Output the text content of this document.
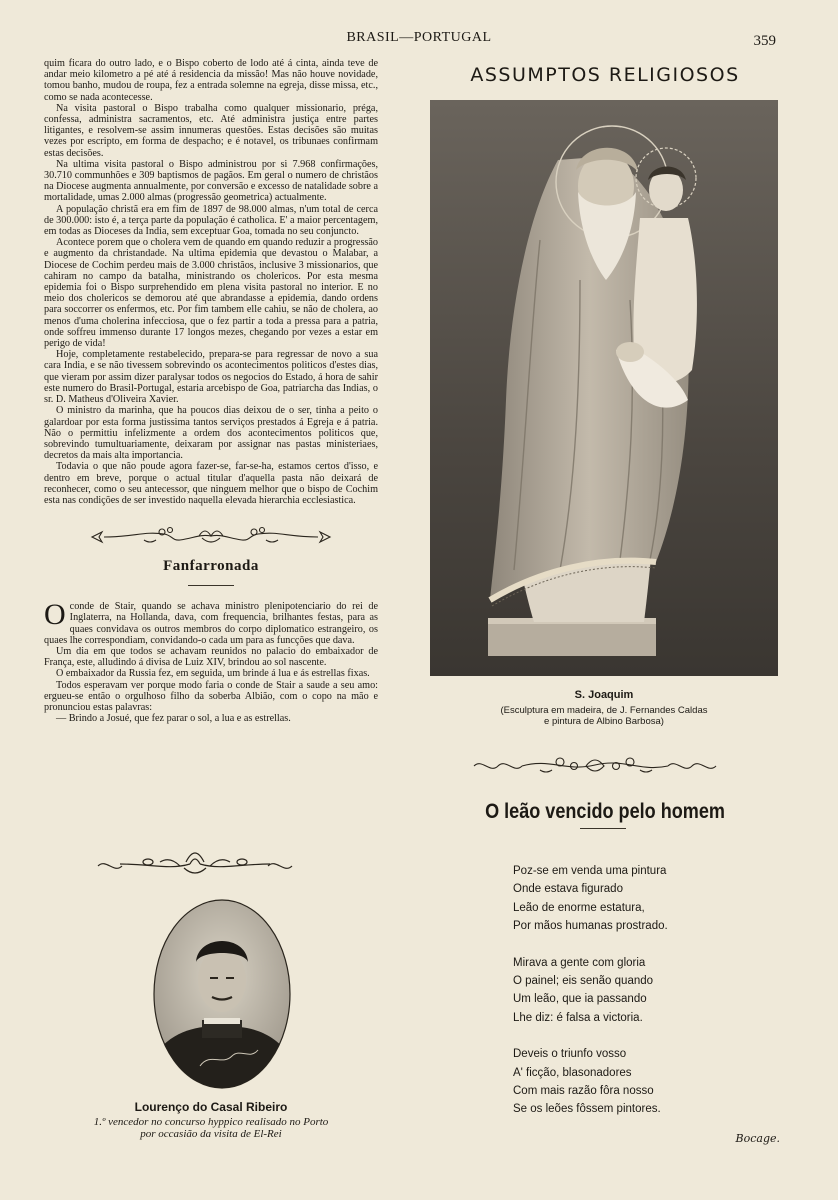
BRASIL—PORTUGAL	359

quim ficara do outro lado, e o Bispo coberto de lodo até á cinta, ainda teve de andar meio kilometro a pé até á residencia da missão! Mas não houve novidade, tomou banho, mudou de roupa, fez a entrada solemne na egreja, disse missa, etc., como se nada acontecesse.

Na visita pastoral o Bispo trabalha como qualquer missionario, préga, confessa, administra sacramentos, etc. Até administra justiça entre partes litigantes, e resolvem-se assim innumeras questões. Estas decisões são muitas vezes por escripto, em forma de despacho; e é notavel, os tribunaes confirmam estas decisões.

Na ultima visita pastoral o Bispo administrou por si 7.968 confirmações, 30.710 communhões e 309 baptismos de pagãos. Em geral o numero de christãos na Diocese augmenta annualmente, por conversão e excesso de natalidade sobre a mortalidade, umas 2.000 almas (progressão geometrica) actualmente.

A população christã era em fim de 1897 de 98.000 almas, n'um total de cerca de 300.000: isto é, a terça parte da população é catholica. E' a maior percentagem, em todas as Dioceses da India, sem exceptuar Goa, tomada no seu conjuncto.

Acontece porem que o cholera vem de quando em quando reduzir a progressão e augmento da christandade. Na ultima epidemia que devastou o Malabar, a Diocese de Cochim perdeu mais de 3.000 christãos, inclusive 3 missionarios, que cahiram no campo da batalha, ministrando os cholericos. Por esta mesma epidemia foi o Bispo surprehendido em plena visita pastoral no interior. E no meio dos cholericos se demorou até que abrandasse a epidemia, dando ordens para soccorrer os enfermos, etc. Por fim tambem elle cahiu, se não de cholera, ao menos d'uma cholerina infecciosa, que o fez partir a toda a pressa para a patria, onde soffreu immenso durante 17 longos mezes, chegando por vezes a estar em perigo de vida!

Hoje, completamente restabelecido, prepara-se para regressar de novo a sua cara India, e se não tivessem sobrevindo os acontecimentos politicos d'estes dias, que vieram por assim dizer paralysar todos os negocios do Estado, á hora de sahir este numero do Brasil-Portugal, estaria arcebispo de Goa, patriarcha das Indias, o sr. D. Matheus d'Oliveira Xavier.

O ministro da marinha, que ha poucos dias deixou de o ser, tinha a peito o galardoar por esta forma justissima tantos serviços prestados á Egreja e á patria. Não o permittiu infelizmente a ordem dos acontecimentos politicos que, sobrevindo tumultuariamente, deixaram por assignar nas pastas ministeriaes, decretos da mais alta importancia.

Todavia o que não poude agora fazer-se, far-se-ha, estamos certos d'isso, e dentro em breve, porque o actual titular d'aquella pasta não deixará de reconhecer, como o seu antecessor, que ninguem melhor que o bispo de Cochim esta nas condições de ser investido naquella elevada hierarchia ecclesiastica.

Fanfarronada

Oconde de Stair, quando se achava ministro plenipotenciario do rei de Inglaterra, na Hollanda, dava, com frequencia, brilhantes festas, para as quaes convidava os outros membros do corpo diplomatico estrangeiro, os quaes lhe correspondiam, convidando-o cada um para as funcções que dava.

Um dia em que todos se achavam reunidos no palacio do embaixador de França, este, alludindo á divisa de Luiz XIV, brindou ao sol nascente.

O embaixador da Russia fez, em seguida, um brinde á lua e ás estrellas fixas.

Todos esperavam ver porque modo faria o conde de Stair a saude a seu amo: ergueu-se então o orgulhoso filho da soberba Albião, com o copo na mão e pronunciou estas palavras:

— Brindo a Josué, que fez parar o sol, a lua e as estrellas.

Lourenço do Casal Ribeiro
1.º vencedor no concurso hyppico realisado no Porto
por occasião da visita de El-Rei
ASSUMPTOS RELIGIOSOS
S. Joaquim
(Esculptura em madeira, de J. Fernandes Caldas
e pintura de Albino Barbosa)
O leão vencido pelo homem
Poz-se em venda uma pintura
Onde estava figurado
Leão de enorme estatura,
Por mãos humanas prostrado.
Mirava a gente com gloria
O painel; eis senão quando
Um leão, que ia passando
Lhe diz: é falsa a victoria.
Deveis o triunfo vosso
A' ficção, blasonadores
Com mais razão fôra nosso
Se os leões fôssem pintores.
Bocage.
